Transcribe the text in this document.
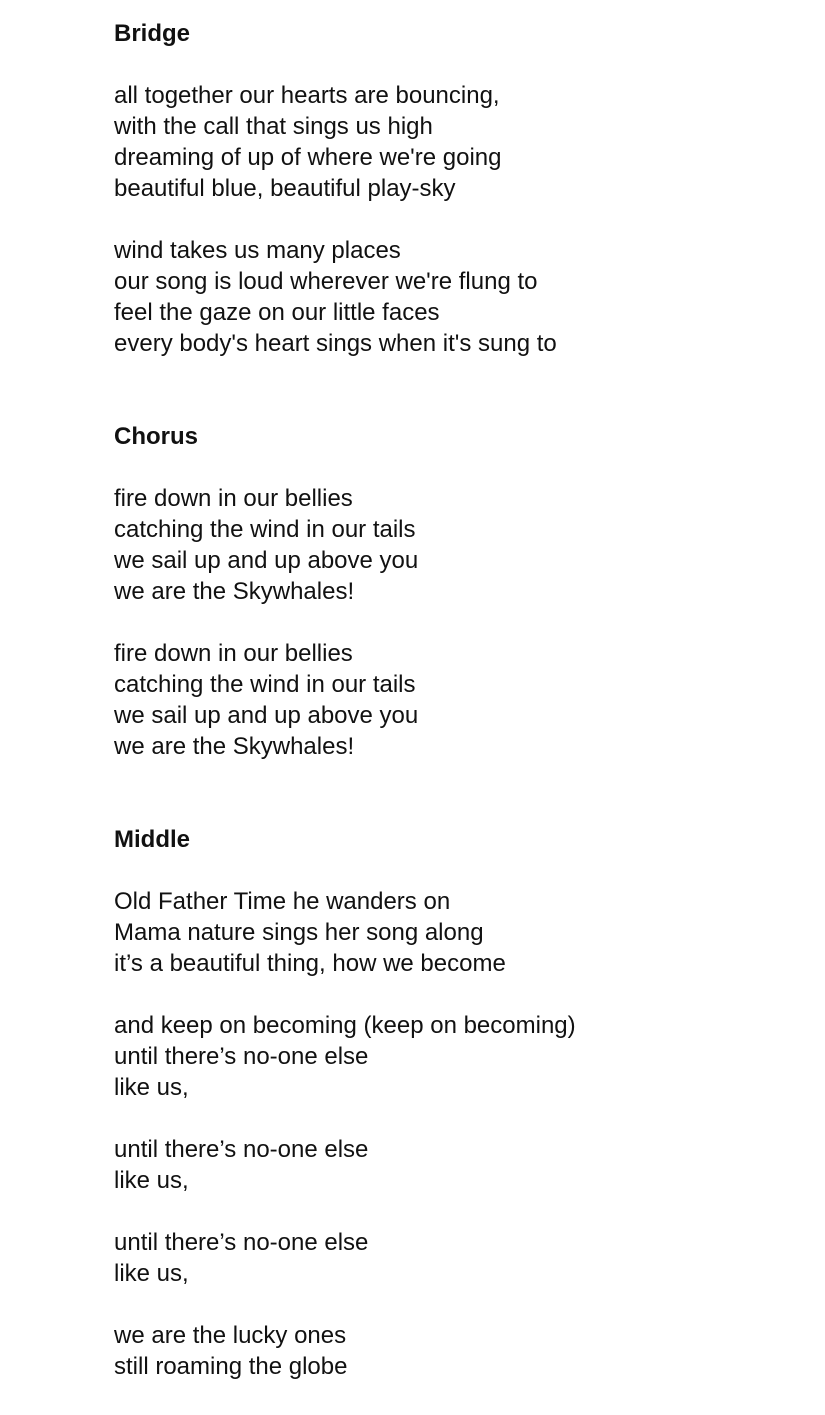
Bridge
all together our hearts are bouncing,
with the call that sings us high
dreaming of up of where we're going
beautiful blue, beautiful play-sky
wind takes us many places
our song is loud wherever we're flung to
feel the gaze on our little faces
every body's heart sings when it's sung to
Chorus
fire down in our bellies
catching the wind in our tails
we sail up and up above you
we are the Skywhales!
fire down in our bellies
catching the wind in our tails
we sail up and up above you
we are the Skywhales!
Middle
Old Father Time he wanders on
Mama nature sings her song along
it’s a beautiful thing, how we become
and keep on becoming (keep on becoming)
until there’s no-one else
like us,
until there’s no-one else
like us,
until there’s no-one else
like us,
we are the lucky ones
still roaming the globe
